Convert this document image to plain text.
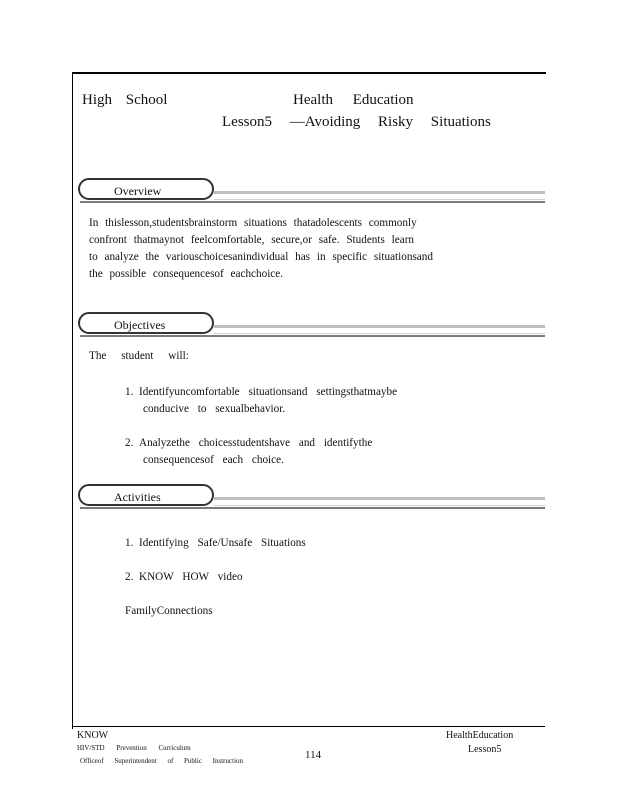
High School	Health Education
Lesson5 —Avoiding Risky Situations
Overview
In thislesson,studentsbrainstorm situations thatadolescents commonly
confront thatmaynot feelcomfortable, secure,or safe. Students learn
to analyze the variouschoicesanindividual has in specific situationsand
the possible consequencesof eachchoice.
Objectives
The student will:
1. Identifyuncomfortable situationsand settingsthatmaybe
conducive to sexualbehavior.
2. Analyzethe choicesstudentshave and identifythe
consequencesof each choice.
Activities
1. Identifying Safe/Unsafe Situations
2. KNOW HOW video
FamilyConnections
KNOW
HIV/STD Prevention Curriculum
Officeof Superintendent of Public Instruction	114
HealthEducation
Lesson5
